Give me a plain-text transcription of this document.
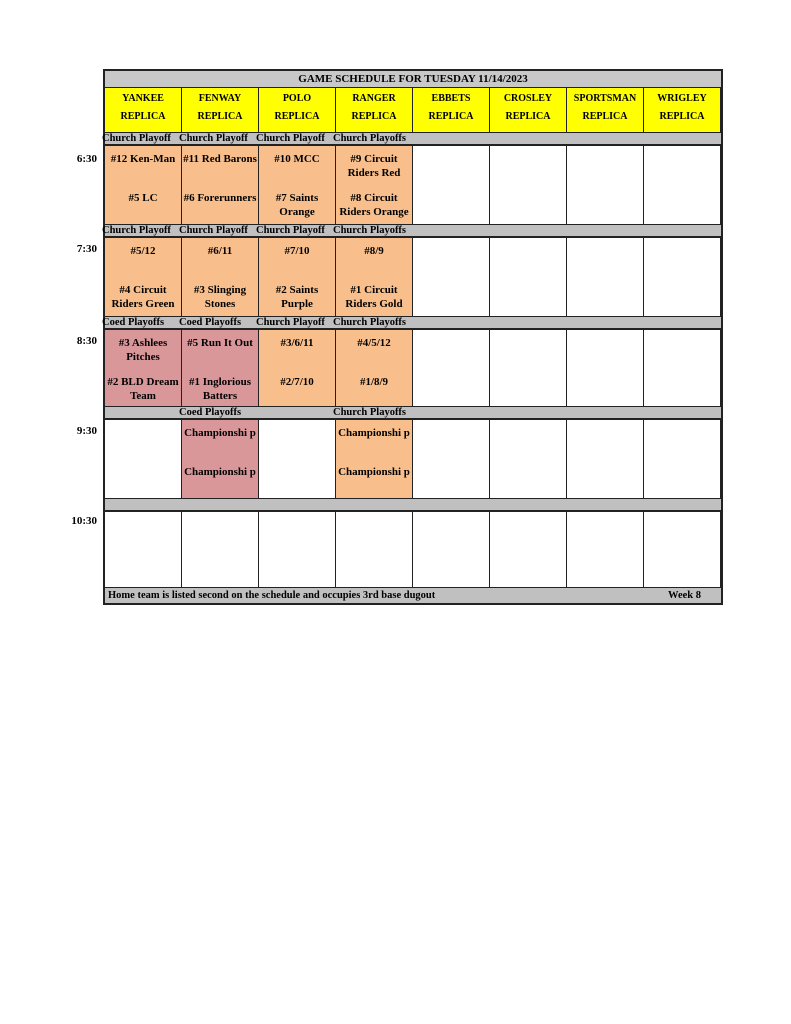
GAME SCHEDULE FOR TUESDAY 11/14/2023
YANKEE
REPLICA
FENWAY
REPLICA
POLO
REPLICA
RANGER
REPLICA
EBBETS
REPLICA
CROSLEY
REPLICA
SPORTSMAN
REPLICA
WRIGLEY
REPLICA
Church Playoff Church Playoff Church Playoff Church Playoffs
#12 Ken-Man
#5 LC
#11 Red Barons
#6 Forerunners
#10 MCC
#7 Saints Orange
#9 Circuit Riders Red
#8 Circuit Riders Orange
Church Playoff Church Playoff Church Playoff Church Playoffs
#5/12
#4 Circuit Riders Green
#6/11
#3 Slinging Stones
#7/10
#2 Saints Purple
#8/9
#1 Circuit Riders Gold
Coed Playoffs Coed Playoffs Church Playoff Church Playoffs
#3 Ashlees Pitches
#2 BLD Dream Team
#5 Run It Out
#1 Inglorious Batters
#3/6/11
#2/7/10
#4/5/12
#1/8/9
Coed Playoffs	Church Playoffs
Championshi p
Championshi p
Championshi p
Championshi p
Home team is listed second on the schedule and occupies 3rd base dugout	Week 8
6:30
7:30
8:30
9:30
10:30
